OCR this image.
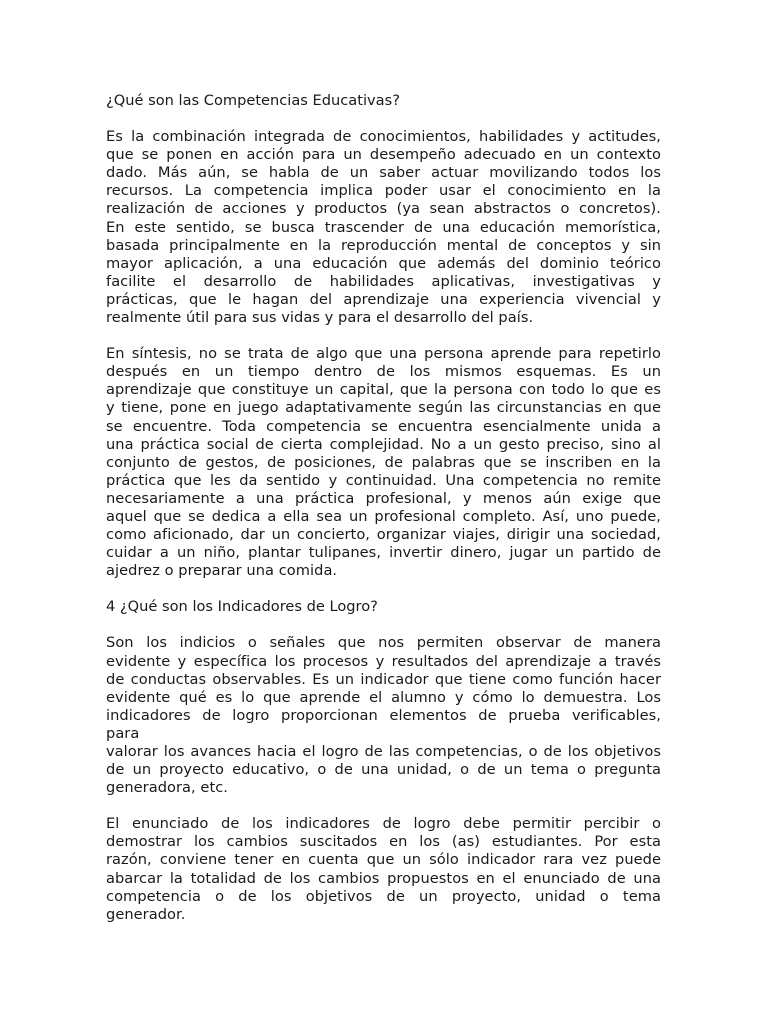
¿Qué son las Competencias Educativas?
Es la combinación integrada de conocimientos, habilidades y actitudes,
que se ponen en acción para un desempeño adecuado en un contexto
dado. Más aún, se habla de un saber actuar movilizando todos los
recursos. La competencia implica poder usar el conocimiento en la
realización de acciones y productos (ya sean abstractos o concretos).
En este sentido, se busca trascender de una educación memorística,
basada principalmente en la reproducción mental de conceptos y sin
mayor aplicación, a una educación que además del dominio teórico
facilite el desarrollo de habilidades aplicativas, investigativas y
prácticas, que le hagan del aprendizaje una experiencia vivencial y
realmente útil para sus vidas y para el desarrollo del país.
En síntesis, no se trata de algo que una persona aprende para repetirlo
después en un tiempo dentro de los mismos esquemas. Es un
aprendizaje que constituye un capital, que la persona con todo lo que es
y tiene, pone en juego adaptativamente según las circunstancias en que
se encuentre. Toda competencia se encuentra esencialmente unida a
una práctica social de cierta complejidad. No a un gesto preciso, sino al
conjunto de gestos, de posiciones, de palabras que se inscriben en la
práctica que les da sentido y continuidad. Una competencia no remite
necesariamente a una práctica profesional, y menos aún exige que
aquel que se dedica a ella sea un profesional completo. Así, uno puede,
como aficionado, dar un concierto, organizar viajes, dirigir una sociedad,
cuidar a un niño, plantar tulipanes, invertir dinero, jugar un partido de
ajedrez o preparar una comida.
4 ¿Qué son los Indicadores de Logro?
Son los indicios o señales que nos permiten observar de manera
evidente y específica los procesos y resultados del aprendizaje a través
de conductas observables. Es un indicador que tiene como función hacer
evidente qué es lo que aprende el alumno y cómo lo demuestra. Los
indicadores de logro proporcionan elementos de prueba verificables,
para
valorar los avances hacia el logro de las competencias, o de los objetivos
de un proyecto educativo, o de una unidad, o de un tema o pregunta
generadora, etc.
El enunciado de los indicadores de logro debe permitir percibir o
demostrar los cambios suscitados en los (as) estudiantes. Por esta
razón, conviene tener en cuenta que un sólo indicador rara vez puede
abarcar la totalidad de los cambios propuestos en el enunciado de una
competencia o de los objetivos de un proyecto, unidad o tema
generador.
